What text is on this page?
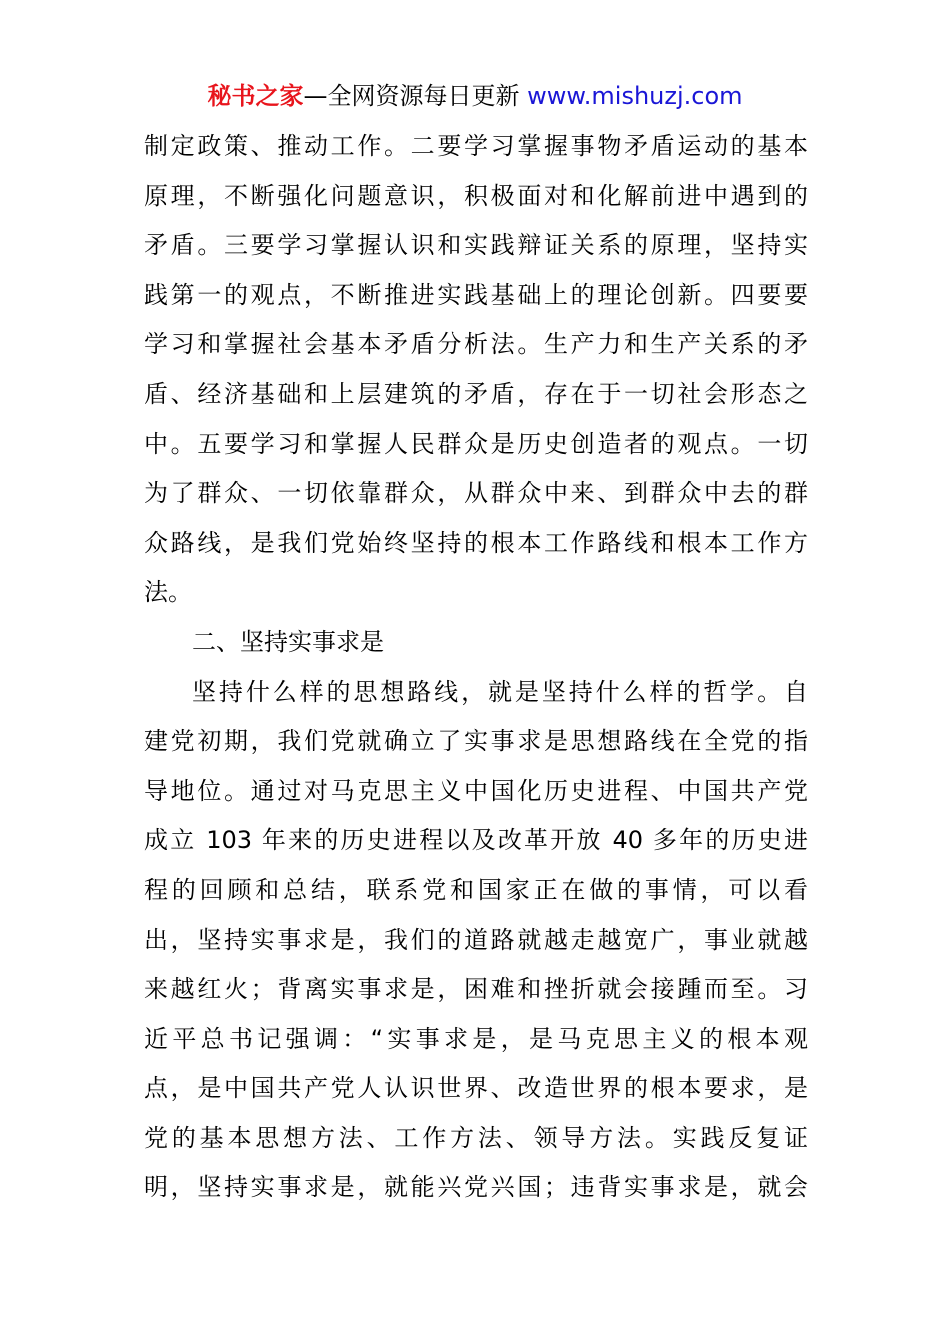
秘书之家—全网资源每日更新 www.mishuzj.com
制定政策、推动工作。二要学习掌握事物矛盾运动的基本
原理，不断强化问题意识，积极面对和化解前进中遇到的
矛盾。三要学习掌握认识和实践辩证关系的原理，坚持实
践第一的观点，不断推进实践基础上的理论创新。四要要
学习和掌握社会基本矛盾分析法。生产力和生产关系的矛
盾、经济基础和上层建筑的矛盾，存在于一切社会形态之
中。五要学习和掌握人民群众是历史创造者的观点。一切
为了群众、一切依靠群众，从群众中来、到群众中去的群
众路线，是我们党始终坚持的根本工作路线和根本工作方
法。
二、坚持实事求是
坚持什么样的思想路线，就是坚持什么样的哲学。自
建党初期，我们党就确立了实事求是思想路线在全党的指
导地位。通过对马克思主义中国化历史进程、中国共产党
成立 103 年来的历史进程以及改革开放 40 多年的历史进
程的回顾和总结，联系党和国家正在做的事情，可以看
出，坚持实事求是，我们的道路就越走越宽广，事业就越
来越红火；背离实事求是，困难和挫折就会接踵而至。习
近平总书记强调：“实事求是，是马克思主义的根本观
点，是中国共产党人认识世界、改造世界的根本要求，是
党的基本思想方法、工作方法、领导方法。实践反复证
明，坚持实事求是，就能兴党兴国；违背实事求是，就会
